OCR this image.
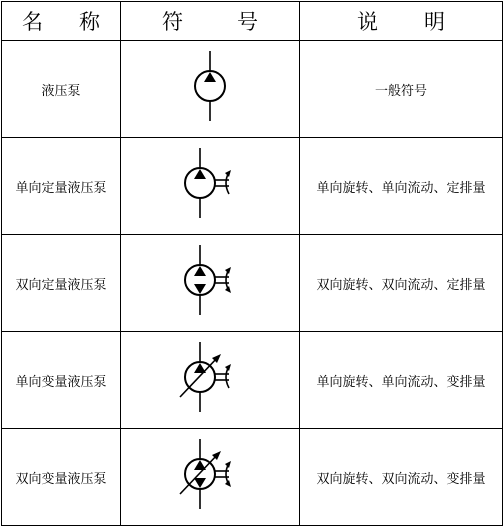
名 称	符 号	说 明
液压泵		一般符号
单向定量液压泵		单向旋转、单向流动、定排量
双向定量液压泵		双向旋转、双向流动、定排量
单向变量液压泵		单向旋转、单向流动、变排量
双向变量液压泵		双向旋转、双向流动、变排量
